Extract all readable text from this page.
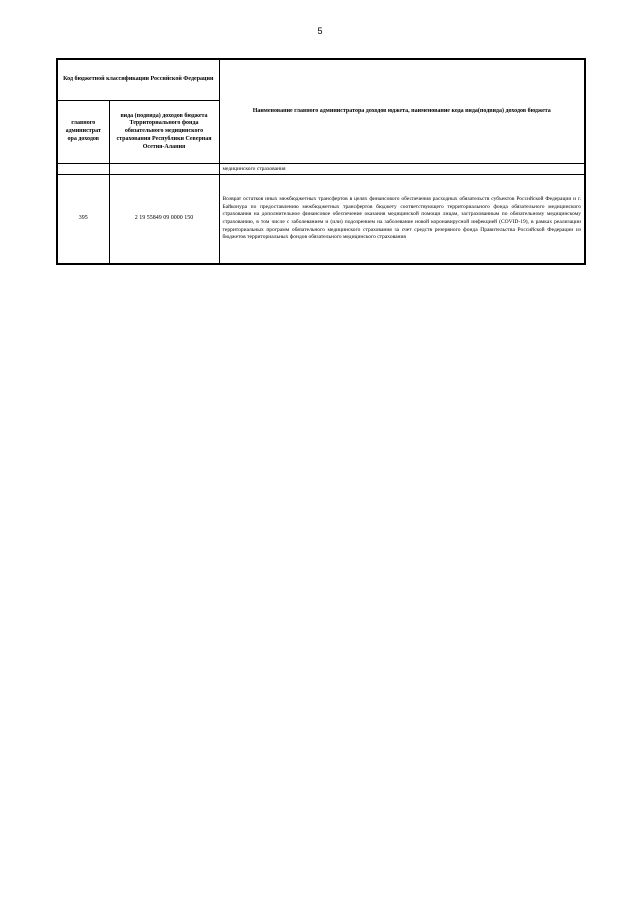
5
Код бюджетной классификации Российской Федерации		Наименование главного администратора доходов юджета, наименование кода вида(подвида) доходов бюджета
главного администрат ора доходов	вида (подвида) доходов бюджета Территориального фонда обязательного медицинского страхования Республики Северная Осетия-Алания	
		медицинского страхования
395	2 19 55849 09 0000 150	Возврат остатков иных межбюджетных трансфертов в целях финансового обеспечения расходных обязательств субъектов Российской Федерации и г. Байконура по предоставлению межбюджетных трансфертов бюджету соответствующего территориального фонда обязательного медицинского страхования на дополнительное финансовое обеспечение оказания медицинской помощи лицам, застрахованным по обязательному медицинскому страхованию, в том числе с заболеванием и (или) подозрением на заболевание новой коронавирусной инфекцией (COVID-19), в рамках реализации территориальных программ обязательного медицинского страхования за счет средств резервного фонда Правительства Российской Федерации из бюджетов территориальных фондов обязательного медицинского страхования
